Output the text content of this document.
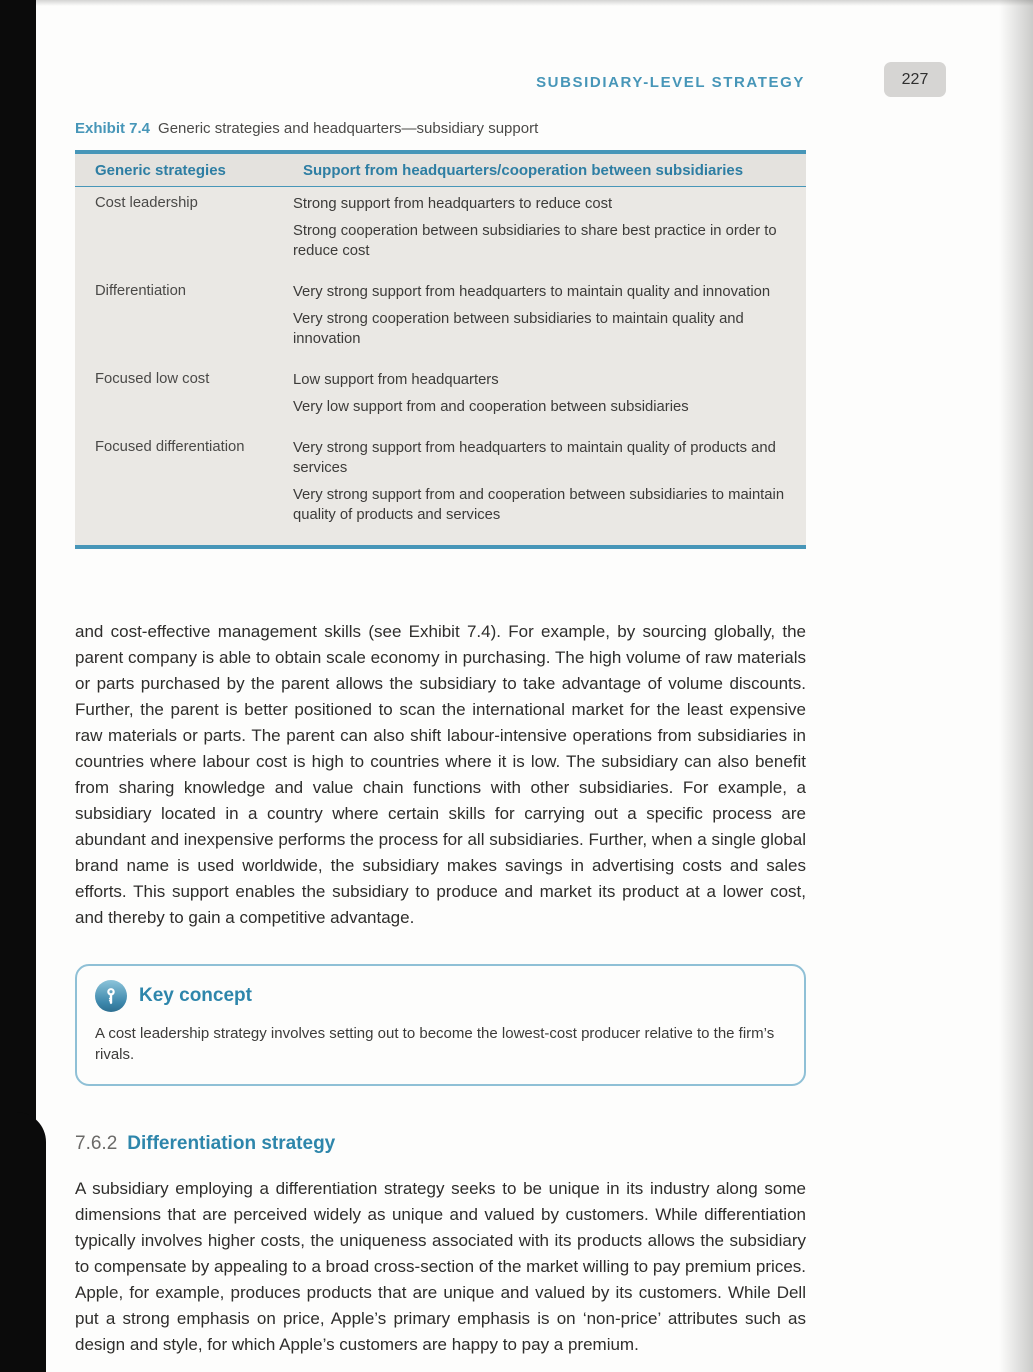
SUBSIDIARY-LEVEL STRATEGY	227
Exhibit 7.4 Generic strategies and headquarters—subsidiary support
Generic strategies	Support from headquarters/cooperation between subsidiaries
Cost leadership	Strong support from headquarters to reduce cost

Strong cooperation between subsidiaries to share best practice in order to reduce cost

Differentiation	Very strong support from headquarters to maintain quality and innovation

Very strong cooperation between subsidiaries to maintain quality and innovation

Focused low cost	Low support from headquarters

Very low support from and cooperation between subsidiaries

Focused differentiation	Very strong support from headquarters to maintain quality of products and services

Very strong support from and cooperation between subsidiaries to maintain quality of products and services

and cost-effective management skills (see Exhibit 7.4). For example, by sourcing globally, the parent company is able to obtain scale economy in purchasing. The high volume of raw materials or parts purchased by the parent allows the subsidiary to take advantage of volume discounts. Further, the parent is better positioned to scan the international market for the least expensive raw materials or parts. The parent can also shift labour-intensive operations from subsidiaries in countries where labour cost is high to countries where it is low. The subsidiary can also benefit from sharing knowledge and value chain functions with other subsidiaries. For example, a subsidiary located in a country where certain skills for carrying out a specific process are abundant and inexpensive performs the process for all subsidiaries. Further, when a single global brand name is used worldwide, the subsidiary makes savings in advertising costs and sales efforts. This support enables the subsidiary to produce and market its product at a lower cost, and thereby to gain a competitive advantage.

Key concept

A cost leadership strategy involves setting out to become the lowest-cost producer relative to the firm’s rivals.

7.6.2 Differentiation strategy

A subsidiary employing a differentiation strategy seeks to be unique in its industry along some dimensions that are perceived widely as unique and valued by customers. While differentiation typically involves higher costs, the uniqueness associated with its products allows the subsidiary to compensate by appealing to a broad cross-section of the market willing to pay premium prices. Apple, for example, produces products that are unique and valued by its customers. While Dell put a strong emphasis on price, Apple’s primary emphasis is on ‘non-price’ attributes such as design and style, for which Apple’s customers are happy to pay a premium.
